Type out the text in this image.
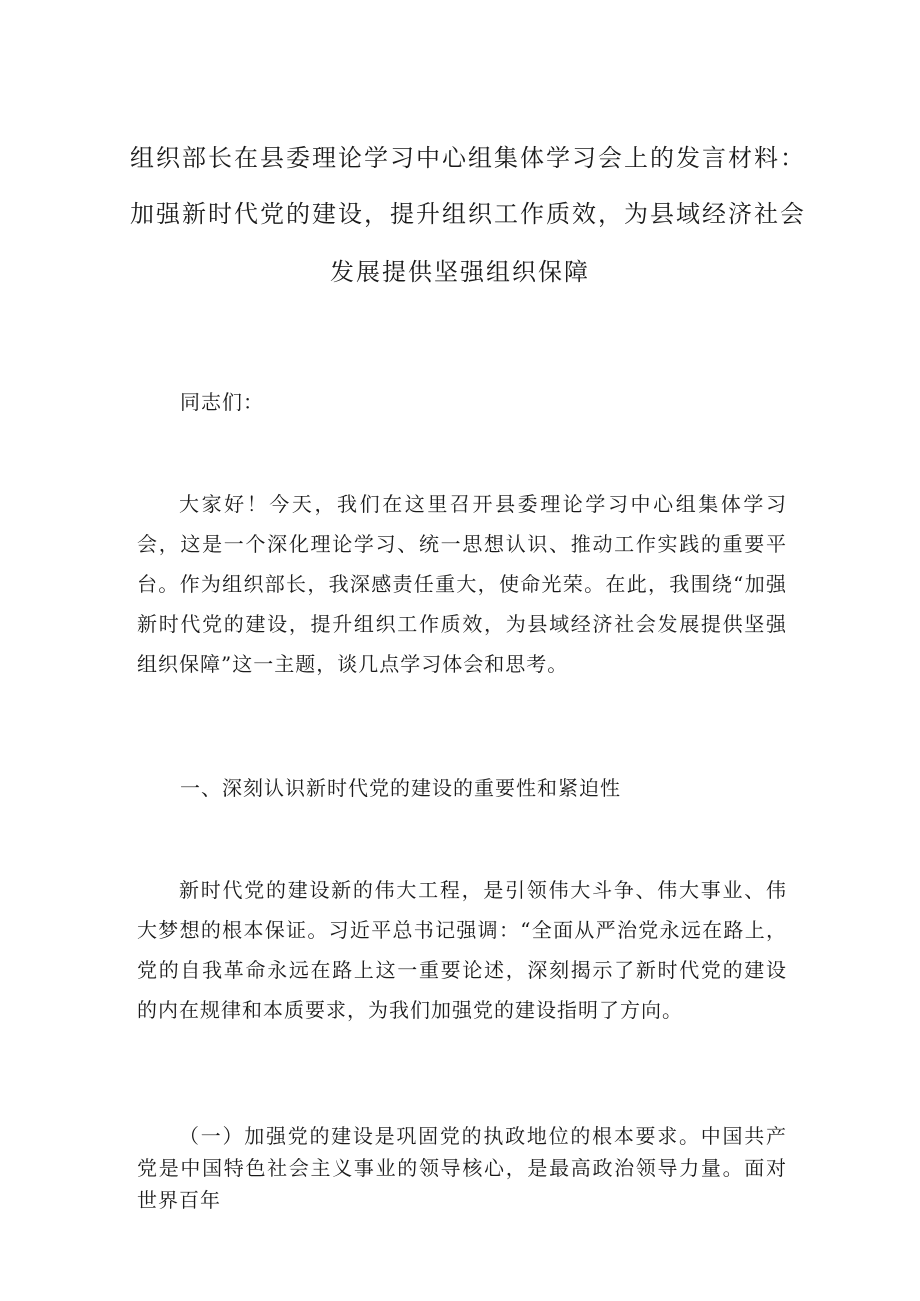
组织部长在县委理论学习中心组集体学习会上的发言材料：
加强新时代党的建设，提升组织工作质效，为县域经济社会
发展提供坚强组织保障
同志们：
大家好！今天，我们在这里召开县委理论学习中心组集体学习会，这是一个深化理论学习、统一思想认识、推动工作实践的重要平台。作为组织部长，我深感责任重大，使命光荣。在此，我围绕“加强新时代党的建设，提升组织工作质效，为县域经济社会发展提供坚强组织保障”这一主题，谈几点学习体会和思考。
一、深刻认识新时代党的建设的重要性和紧迫性
新时代党的建设新的伟大工程，是引领伟大斗争、伟大事业、伟大梦想的根本保证。习近平总书记强调：“全面从严治党永远在路上，党的自我革命永远在路上这一重要论述，深刻揭示了新时代党的建设的内在规律和本质要求，为我们加强党的建设指明了方向。
（一）加强党的建设是巩固党的执政地位的根本要求。中国共产党是中国特色社会主义事业的领导核心，是最高政治领导力量。面对世界百年
